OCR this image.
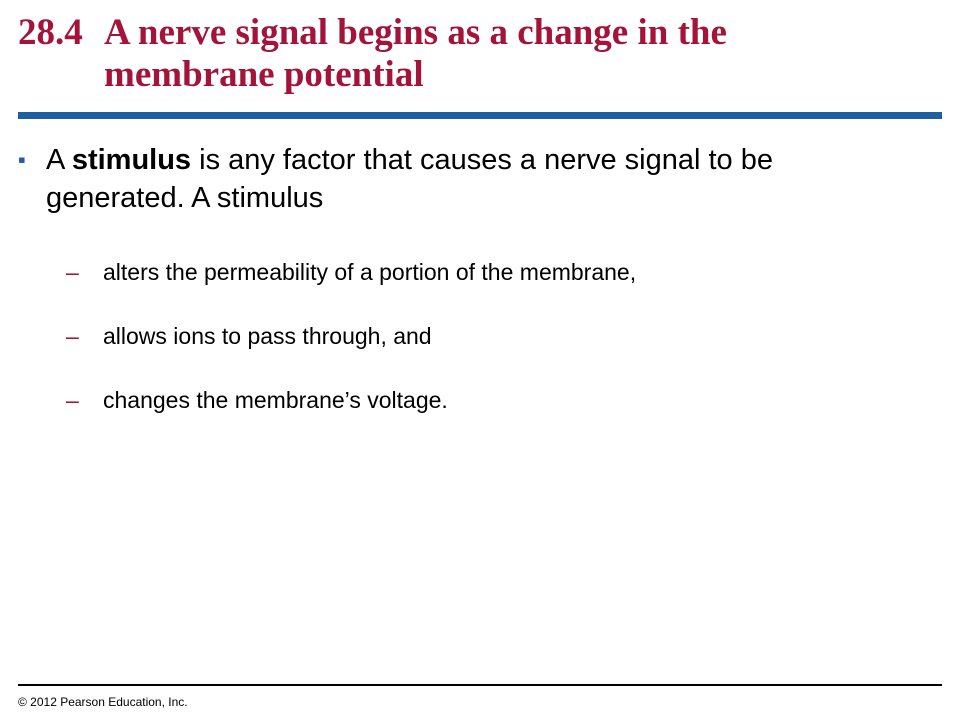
28.4 A nerve signal begins as a change in the
membrane potential
▪ A stimulus is any factor that causes a nerve signal to be generated. A stimulus
–	alters the permeability of a portion of the membrane,
–	allows ions to pass through, and
–	changes the membrane’s voltage.
© 2012 Pearson Education, Inc.
